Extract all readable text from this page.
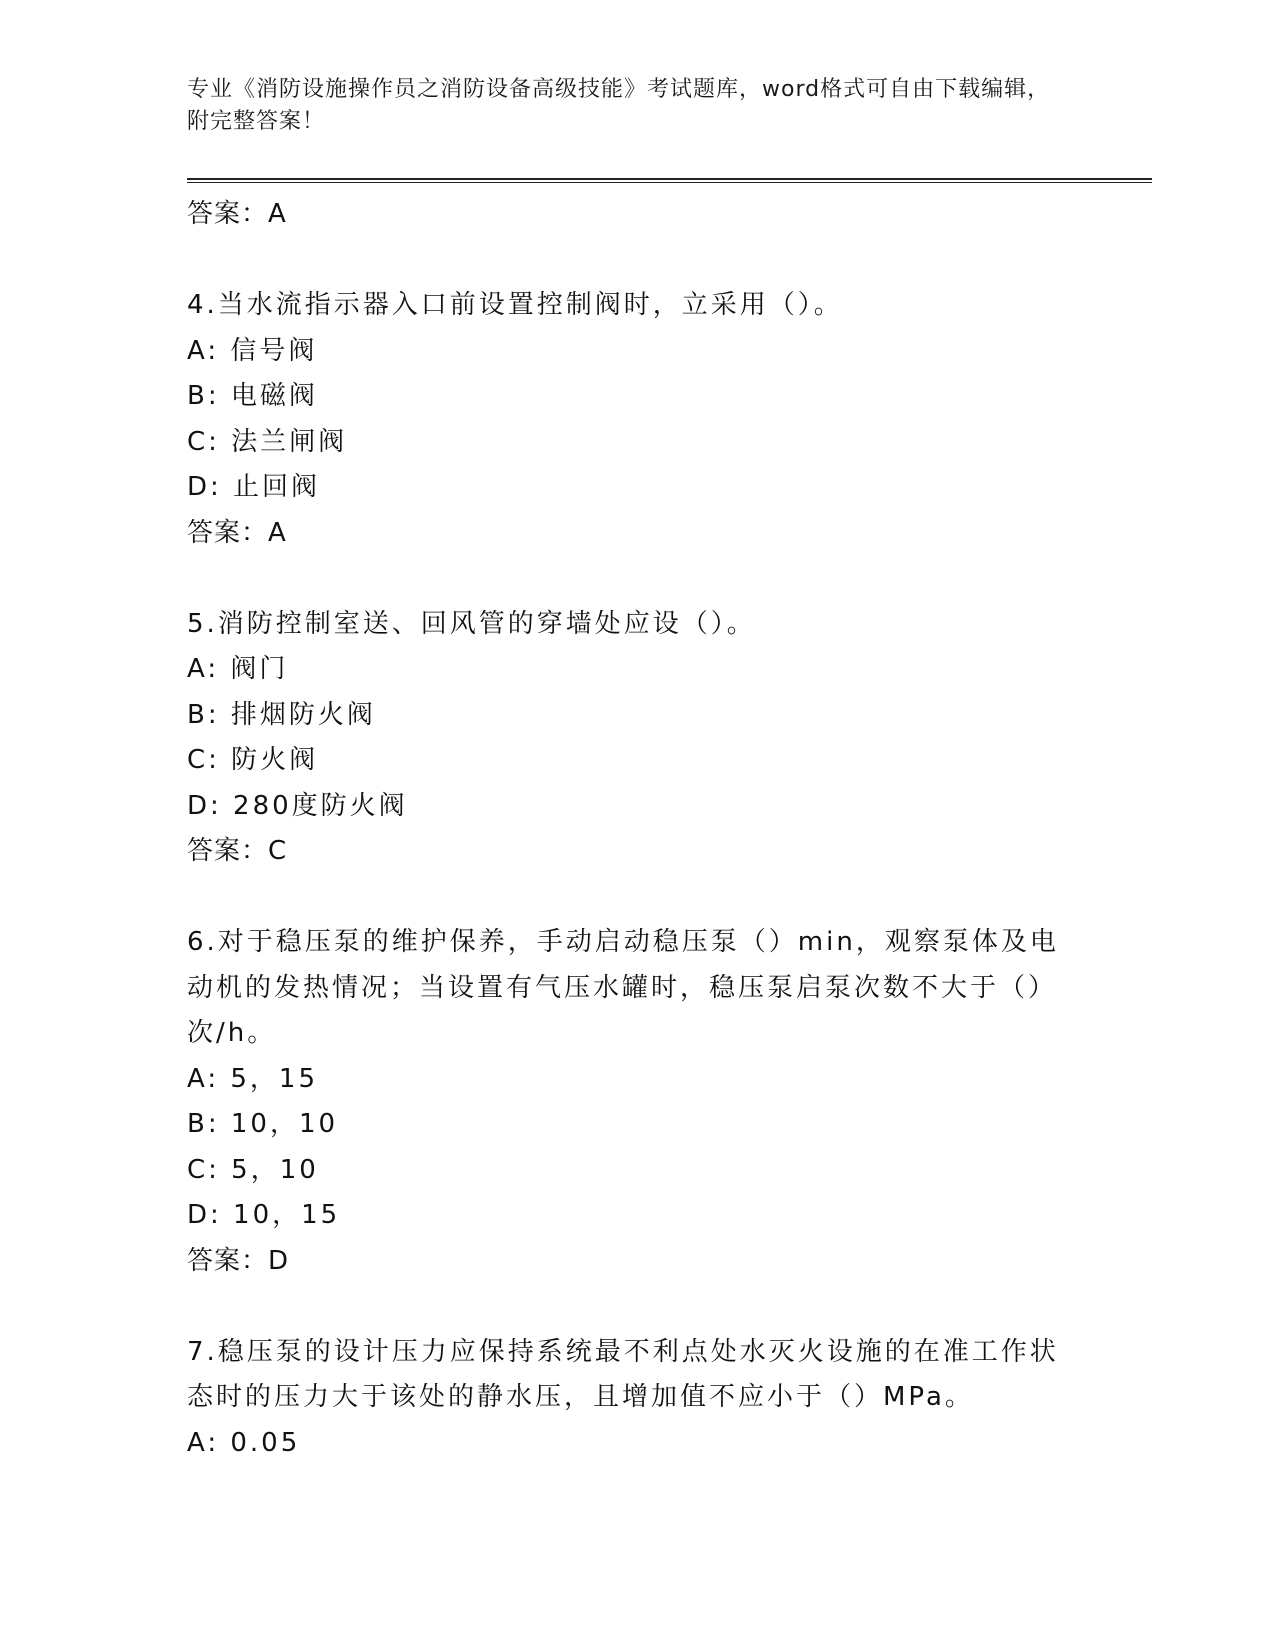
专业《消防设施操作员之消防设备高级技能》考试题库，word格式可自由下载编辑，附完整答案！
答案：A
4.当水流指示器入口前设置控制阀时，立采用（）。
A: 信号阀
B: 电磁阀
C: 法兰闸阀
D: 止回阀
答案：A
5.消防控制室送、回风管的穿墙处应设（）。
A: 阀门
B: 排烟防火阀
C: 防火阀
D: 280度防火阀
答案：C
6.对于稳压泵的维护保养，手动启动稳压泵（）min，观察泵体及电动机的发热情况；当设置有气压水罐时，稳压泵启泵次数不大于（）次/h。
A: 5，15
B: 10，10
C: 5，10
D: 10，15
答案：D
7.稳压泵的设计压力应保持系统最不利点处水灭火设施的在准工作状态时的压力大于该处的静水压，且增加值不应小于（）MPa。
A: 0.05
